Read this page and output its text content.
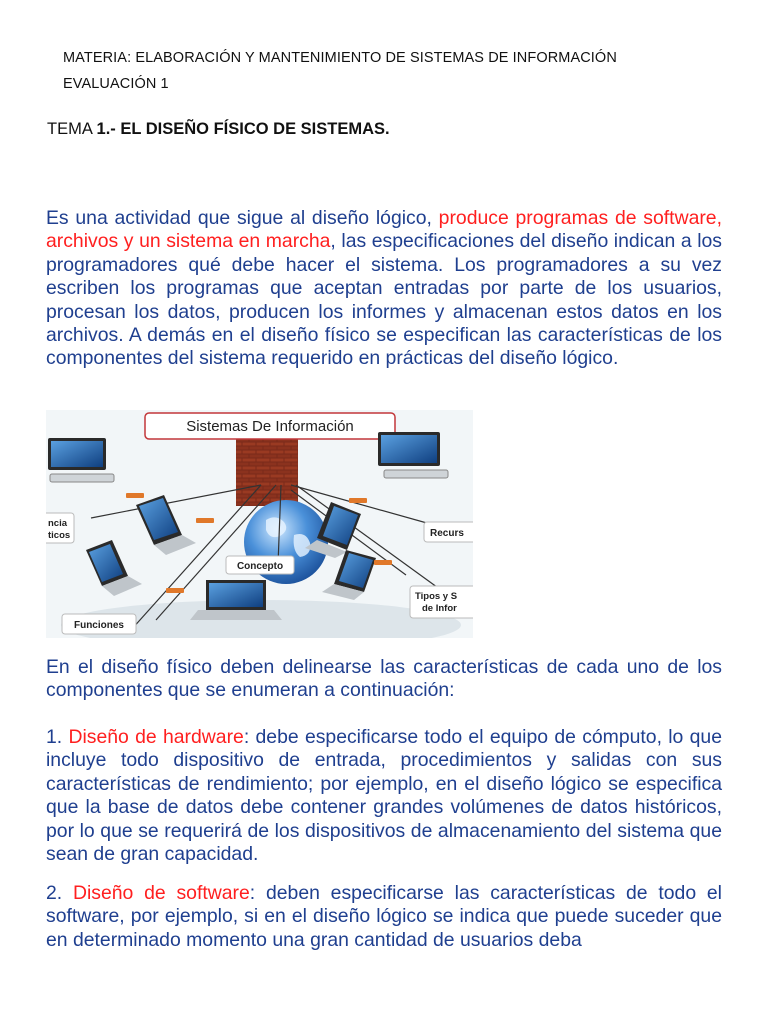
MATERIA: ELABORACIÓN Y MANTENIMIENTO DE SISTEMAS DE INFORMACIÓN
EVALUACIÓN 1
TEMA 1.- EL DISEÑO FÍSICO DE SISTEMAS.

Es una actividad que sigue al diseño lógico, produce programas de software, archivos y un sistema en marcha, las especificaciones del diseño indican a los programadores qué debe hacer el sistema. Los programadores a su vez escriben los programas que aceptan entradas por parte de los usuarios, procesan los datos, producen los informes y almacenan estos datos en los archivos. A demás en el diseño físico se especifican las características de los componentes del sistema requerido en prácticas del diseño lógico.

Sistemas De Información
ncia
ticos
Concepto
Funciones
Recurs
Tipos y S
de Infor

En el diseño físico deben delinearse las características de cada uno de los componentes que se enumeran a continuación:

1. Diseño de hardware: debe especificarse todo el equipo de cómputo, lo que incluye todo dispositivo de entrada, procedimientos y salidas con sus características de rendimiento; por ejemplo, en el diseño lógico se especifica que la base de datos debe contener grandes volúmenes de datos históricos, por lo que se requerirá de los dispositivos de almacenamiento del sistema que sean de gran capacidad.

2. Diseño de software: deben especificarse las características de todo el software, por ejemplo, si en el diseño lógico se indica que puede suceder que en determinado momento una gran cantidad de usuarios deba
